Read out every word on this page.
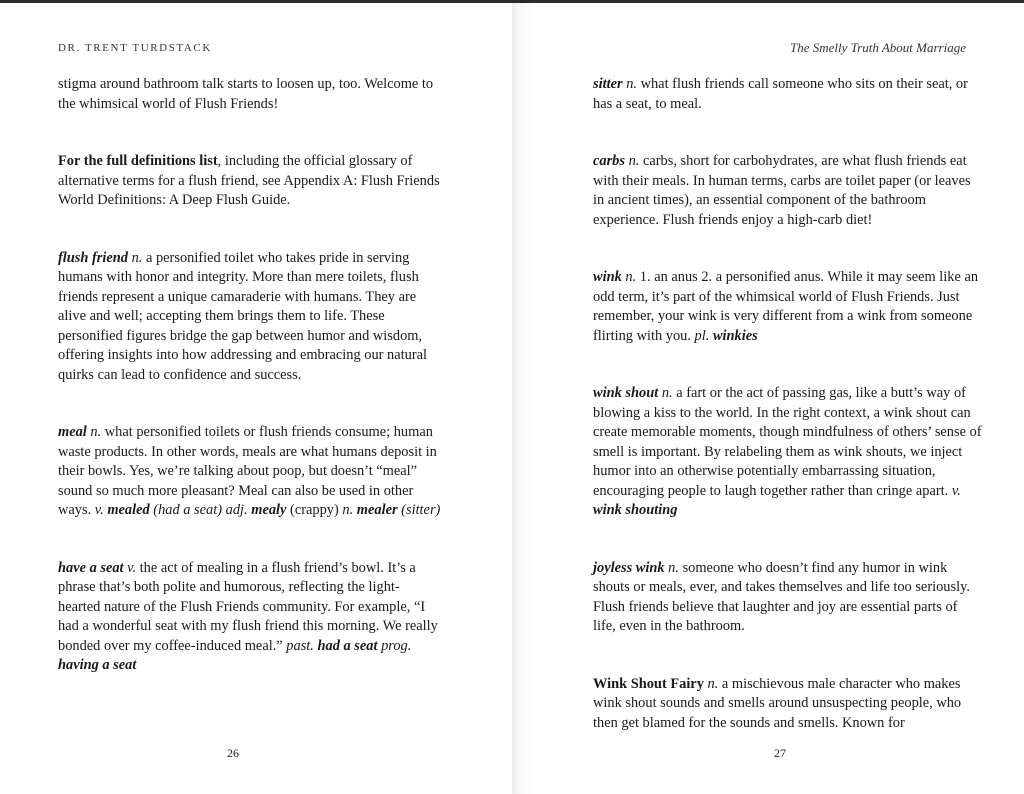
DR. TRENT TURDSTACK

stigma around bathroom talk starts to loosen up, too. Welcome to the whimsical world of Flush Friends!

For the full definitions list, including the official glossary of alternative terms for a flush friend, see Appendix A: Flush Friends World Definitions: A Deep Flush Guide.

flush friend n. a personified toilet who takes pride in serving humans with honor and integrity. More than mere toilets, flush friends represent a unique camaraderie with humans. They are alive and well; accepting them brings them to life. These personified figures bridge the gap between humor and wisdom, offering insights into how addressing and embracing our natural quirks can lead to confidence and success.

meal n. what personified toilets or flush friends consume; human waste products. In other words, meals are what humans deposit in their bowls. Yes, we’re talking about poop, but doesn’t “meal” sound so much more pleasant? Meal can also be used in other ways. v. mealed (had a seat) adj. mealy (crappy) n. mealer (sitter)

have a seat v. the act of mealing in a flush friend’s bowl. It’s a phrase that’s both polite and humorous, reflecting the light-hearted nature of the Flush Friends community. For example, “I had a wonderful seat with my flush friend this morning. We really bonded over my coffee-induced meal.” past. had a seat prog. having a seat

26
The Smelly Truth About Marriage

sitter n. what flush friends call someone who sits on their seat, or has a seat, to meal.

carbs n. carbs, short for carbohydrates, are what flush friends eat with their meals. In human terms, carbs are toilet paper (or leaves in ancient times), an essential component of the bathroom experience. Flush friends enjoy a high-carb diet!

wink n. 1. an anus 2. a personified anus. While it may seem like an odd term, it’s part of the whimsical world of Flush Friends. Just remember, your wink is very different from a wink from someone flirting with you. pl. winkies

wink shout n. a fart or the act of passing gas, like a butt’s way of blowing a kiss to the world. In the right context, a wink shout can create memorable moments, though mindfulness of others’ sense of smell is important. By relabeling them as wink shouts, we inject humor into an otherwise potentially embarrassing situation, encouraging people to laugh together rather than cringe apart. v. wink shouting

joyless wink n. someone who doesn’t find any humor in wink shouts or meals, ever, and takes themselves and life too seriously. Flush friends believe that laughter and joy are essential parts of life, even in the bathroom.

Wink Shout Fairy n. a mischievous male character who makes wink shout sounds and smells around unsuspecting people, who then get blamed for the sounds and smells. Known for

27
